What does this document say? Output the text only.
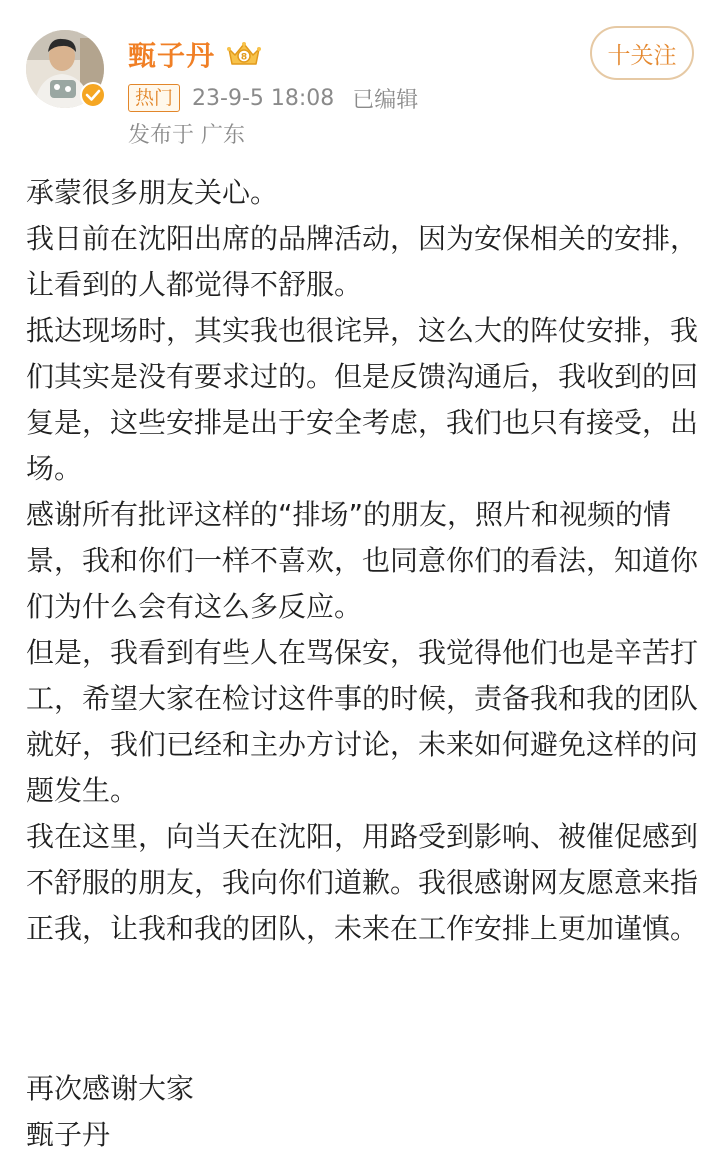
甄子丹	8	十关注
热门 23-9-5 18:08 已编辑
发布于 广东

承蒙很多朋友关心。

我日前在沈阳出席的品牌活动，因为安保相关的安排，让看到的人都觉得不舒服。

抵达现场时，其实我也很诧异，这么大的阵仗安排，我们其实是没有要求过的。但是反馈沟通后，我收到的回复是，这些安排是出于安全考虑，我们也只有接受，出场。

感谢所有批评这样的“排场”的朋友，照片和视频的情景，我和你们一样不喜欢，也同意你们的看法，知道你们为什么会有这么多反应。

但是，我看到有些人在骂保安，我觉得他们也是辛苦打工，希望大家在检讨这件事的时候，责备我和我的团队就好，我们已经和主办方讨论，未来如何避免这样的问题发生。

我在这里，向当天在沈阳，用路受到影响、被催促感到不舒服的朋友，我向你们道歉。我很感谢网友愿意来指正我，让我和我的团队，未来在工作安排上更加谨慎。

再次感谢大家

甄子丹
